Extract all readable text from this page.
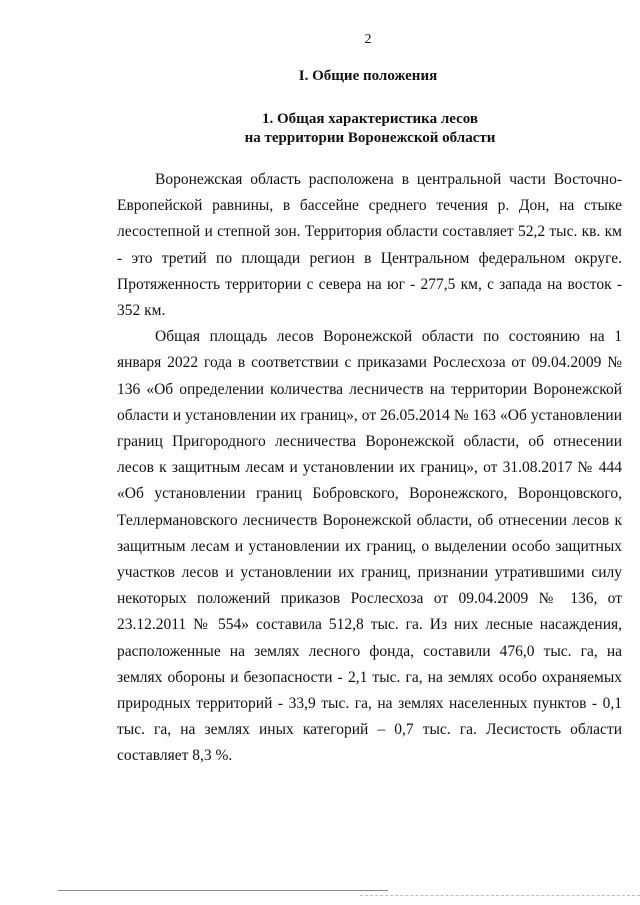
2
I. Общие положения
1. Общая характеристика лесов
на территории Воронежской области

Воронежская область расположена в центральной части Восточно-Европейской равнины, в бассейне среднего течения р. Дон, на стыке лесостепной и степной зон. Территория области составляет 52,2 тыс. кв. км - это третий по площади регион в Центральном федеральном округе. Протяженность территории с севера на юг - 277,5 км, с запада на восток - 352 км.

Общая площадь лесов Воронежской области по состоянию на 1 января 2022 года в соответствии с приказами Рослесхоза от 09.04.2009 № 136 «Об определении количества лесничеств на территории Воронежской области и установлении их границ», от 26.05.2014 № 163 «Об установлении границ Пригородного лесничества Воронежской области, об отнесении лесов к защитным лесам и установлении их границ», от 31.08.2017 № 444 «Об установлении границ Бобровского, Воронежского, Воронцовского, Теллермановского лесничеств Воронежской области, об отнесении лесов к защитным лесам и установлении их границ, о выделении особо защитных участков лесов и установлении их границ, признании утратившими силу некоторых положений приказов Рослесхоза от 09.04.2009 № 136, от 23.12.2011 № 554» составила 512,8 тыс. га. Из них лесные насаждения, расположенные на землях лесного фонда, составили 476,0 тыс. га, на землях обороны и безопасности - 2,1 тыс. га, на землях особо охраняемых природных территорий - 33,9 тыс. га, на землях населенных пунктов - 0,1 тыс. га, на землях иных категорий – 0,7 тыс. га. Лесистость области составляет 8,3 %.
